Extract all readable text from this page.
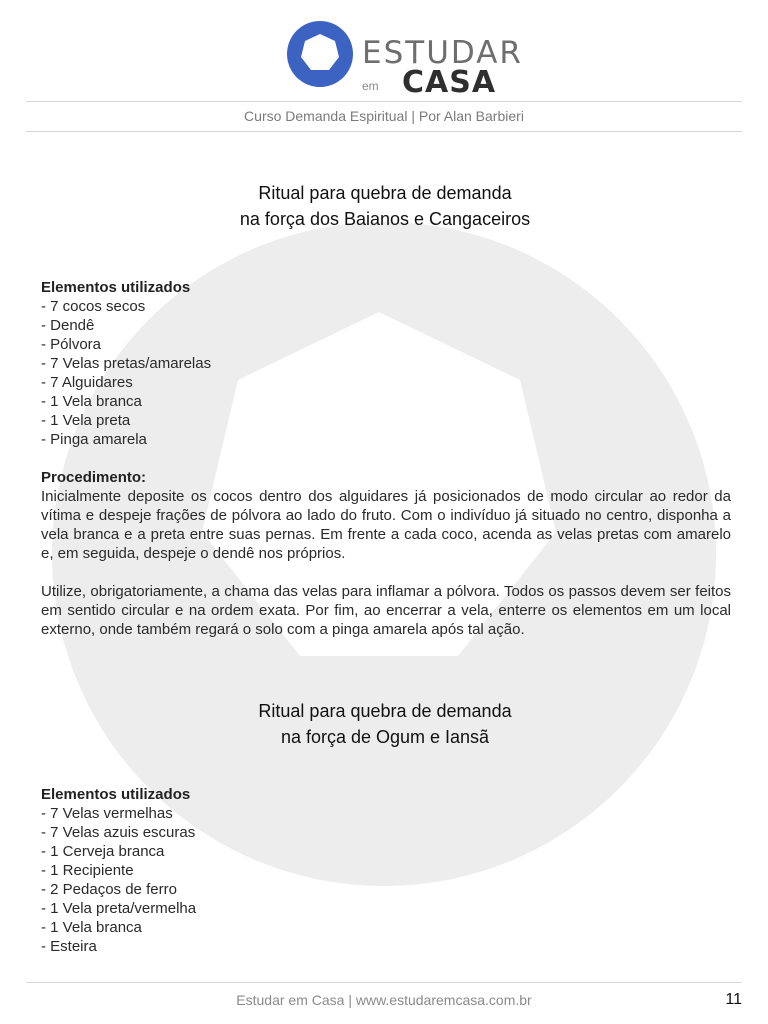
ESTUDAR
em CASA
Curso Demanda Espiritual | Por Alan Barbieri
Ritual para quebra de demanda
na força dos Baianos e Cangaceiros
Elementos utilizados
- 7 cocos secos
- Dendê
- Pólvora
- 7 Velas pretas/amarelas
- 7 Alguidares
- 1 Vela branca
- 1 Vela preta
- Pinga amarela
Procedimento:
Inicialmente deposite os cocos dentro dos alguidares já posicionados de modo circular ao redor da vítima e despeje frações de pólvora ao lado do fruto. Com o indivíduo já situado no centro, disponha a vela branca e a preta entre suas pernas. Em frente a cada coco, acenda as velas pretas com amarelo e, em seguida, despeje o dendê nos próprios.
Utilize, obrigatoriamente, a chama das velas para inflamar a pólvora. Todos os passos devem ser feitos em sentido circular e na ordem exata. Por fim, ao encerrar a vela, enterre os elementos em um local externo, onde também regará o solo com a pinga amarela após tal ação.
Ritual para quebra de demanda
na força de Ogum e Iansã
Elementos utilizados
- 7 Velas vermelhas
- 7 Velas azuis escuras
- 1 Cerveja branca
- 1 Recipiente
- 2 Pedaços de ferro
- 1 Vela preta/vermelha
- 1 Vela branca
- Esteira
Estudar em Casa | www.estudaremcasa.com.br	11
